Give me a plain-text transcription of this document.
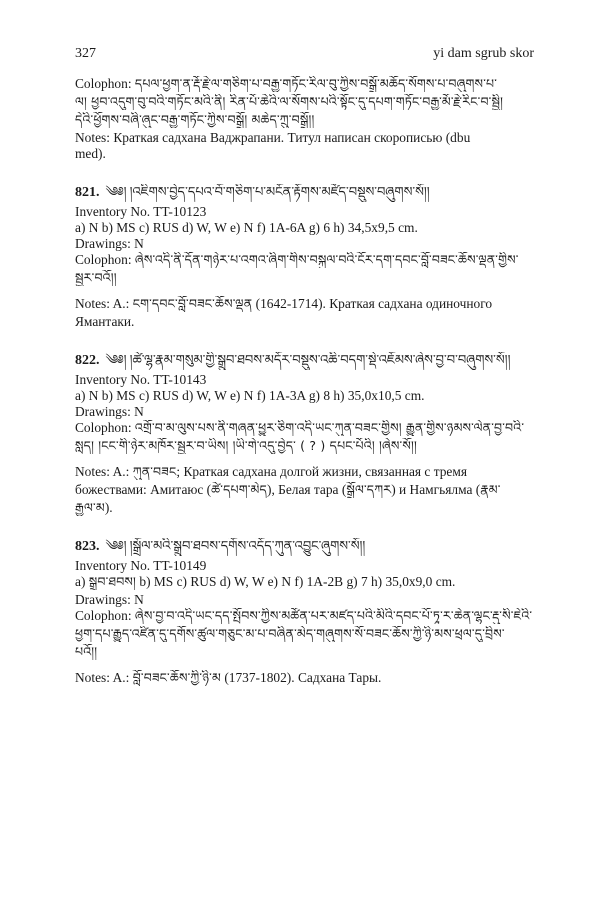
327	yi dam sgrub skor
Colophon: དཔལ་ཕྱག་ན་རྡོ་རྗེ་ལ་གཅིག་པ་བརྒྱ་གཏོང་རིལ་བུ་ཀྱིས་བསྒྲོ་མཆོད་སོགས་པ་བཞུགས་པ་
ལ། ཕྱབ་འདུག་བུ་བའི་གཏོང་མའི་ནི། རིན་པོ་ཆེའི་ལ་སོགས་པའི་སྟོང་དུ་དཔག་གཏོང་བརྒྱ་མོ་རྗེ་རིང་བ་སྦྱི།
དེའི་ཕྱོགས་བཞི་ཞུང་བརྒྱ་གཏོང་ཀྱིས་བསྒྲོ། མཆེད་ཀྲུ་བསྒྲོ།།
Notes: Краткая садхана Ваджрапани. Титул написан скорописью (dbu
med).
821. ༄༅། །འཇིགས་བྱེད་དཔའ་བོ་གཅིག་པ་མངོན་རྟོགས་མཛོད་བསྡུས་བཞུགས་སོ།།
Inventory No. TT-10123
a) N b) MS c) RUS d) W, W e) N f) 1A-6A g) 6 h) 34,5x9,5 cm.
Drawings: N
Colophon: ཞེས་འདི་ནི་དོན་གཉེར་པ་འགའ་ཞིག་གིས་བསྐུལ་བའི་ངོར་དག་དབང་བློ་བཟང་ཆོས་ལྡན་གྱིས་
སྦྱར་བའོ།།
Notes: A.: ངག་དབང་བློ་བཟང་ཆོས་ལྡན (1642-1714). Краткая садхана одиночного
Ямантаки.
822. ༄༅། །ཚེ་ལྷ་རྣམ་གསུམ་གྱི་སྒྲུབ་ཐབས་མདོར་བསྡུས་འཆི་བདག་སྡེ་འཇོམས་ཞེས་བྱ་བ་བཞུགས་སོ།།
Inventory No. TT-10143
a) N b) MS c) RUS d) W, W e) N f) 1A-3A g) 8 h) 35,0x10,5 cm.
Drawings: N
Colophon: འགྲོ་བ་མ་ལུས་པས་ནི་གཞན་ཕྱུར་ཅིག་འདི་ཡང་ཀུན་བཟང་གྱིས། རྒྱུན་གྱིས་ཉམས་ལེན་བྱ་བའི་
སླད། །ངང་གི་ཉེར་མཁོར་སྦྱར་བ་ཡིས། །ཡི་གེ་འདུ་བྱེད་ ( ? ) དཔང་པོའི། །ཞེས་སོ།།
Notes: A.: ཀུན་བཟང; Краткая садхана долгой жизни, связанная с тремя
божествами: Амитаюс (ཚེ་དཔག་མེད), Белая тара (སྒྲོལ་དཀར) и Намгьялма (རྣམ་
རྒྱལ་མ).
823. ༄༅། །སྒྲོལ་མའི་སྒྲུབ་ཐབས་དགོས་འདོད་ཀུན་འབྱུང་ཞུགས་སོ།།
Inventory No. TT-10149
a) སྒྲུབ་ཐབས། b) MS c) RUS d) W, W e) N f) 1A-2B g) 7 h) 35,0x9,0 cm.
Drawings: N
Colophon: ཞེས་བྱ་བ་འདི་ཡང་དད་སྤོབས་ཀྱིས་མཚོན་པར་མཛད་པའི་མིའི་དབང་པོ་ཏཱ་ར་ཆེན་ལྷང་རྡུ་སི་ཇེའི་
ཕྱག་དཔ་རྒྱུད་འཛིན་དུ་དགོས་ཚུལ་གཅུང་མ་པ་བཞིན་མེད་གཞུགས་སོ་བཟང་ཆོས་ཀྱི་ཉི་མས་ཕྲལ་དུ་བྲིས་
པའོ།།
Notes: A.: བློ་བཟང་ཆོས་ཀྱི་ཉི་མ (1737-1802). Садхана Тары.
